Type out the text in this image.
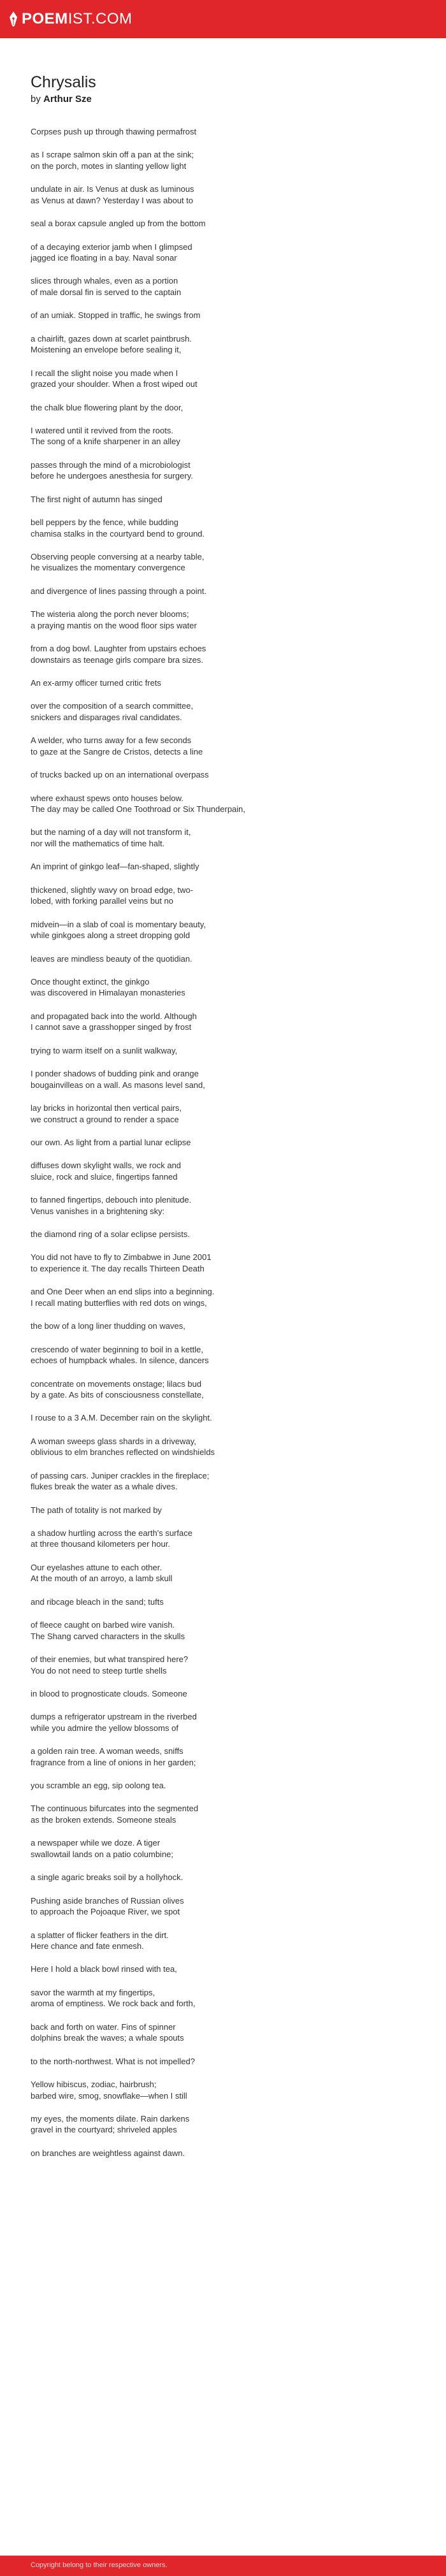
POEMIST.COM
Chrysalis
by Arthur Sze

Corpses push up through thawing permafrost

as I scrape salmon skin off a pan at the sink;
on the porch, motes in slanting yellow light

undulate in air. Is Venus at dusk as luminous
as Venus at dawn? Yesterday I was about to

seal a borax capsule angled up from the bottom

of a decaying exterior jamb when I glimpsed
jagged ice floating in a bay. Naval sonar

slices through whales, even as a portion
of male dorsal fin is served to the captain

of an umiak. Stopped in traffic, he swings from

a chairlift, gazes down at scarlet paintbrush.
Moistening an envelope before sealing it,

I recall the slight noise you made when I
grazed your shoulder. When a frost wiped out

the chalk blue flowering plant by the door,

I watered until it revived from the roots.
The song of a knife sharpener in an alley

passes through the mind of a microbiologist
before he undergoes anesthesia for surgery.

The first night of autumn has singed

bell peppers by the fence, while budding
chamisa stalks in the courtyard bend to ground.

Observing people conversing at a nearby table,
he visualizes the momentary convergence

and divergence of lines passing through a point.

The wisteria along the porch never blooms;
a praying mantis on the wood floor sips water

from a dog bowl. Laughter from upstairs echoes
downstairs as teenage girls compare bra sizes.

An ex-army officer turned critic frets

over the composition of a search committee,
snickers and disparages rival candidates.

A welder, who turns away for a few seconds
to gaze at the Sangre de Cristos, detects a line

of trucks backed up on an international overpass

where exhaust spews onto houses below.
The day may be called One Toothroad or Six Thunderpain,

but the naming of a day will not transform it,
nor will the mathematics of time halt.

An imprint of ginkgo leaf—fan-shaped, slightly

thickened, slightly wavy on broad edge, two-
lobed, with forking parallel veins but no

midvein—in a slab of coal is momentary beauty,
while ginkgoes along a street dropping gold

leaves are mindless beauty of the quotidian.

Once thought extinct, the ginkgo
was discovered in Himalayan monasteries

and propagated back into the world. Although
I cannot save a grasshopper singed by frost

trying to warm itself on a sunlit walkway,

I ponder shadows of budding pink and orange
bougainvilleas on a wall. As masons level sand,

lay bricks in horizontal then vertical pairs,
we construct a ground to render a space

our own. As light from a partial lunar eclipse

diffuses down skylight walls, we rock and
sluice, rock and sluice, fingertips fanned

to fanned fingertips, debouch into plenitude.
Venus vanishes in a brightening sky:

the diamond ring of a solar eclipse persists.

You did not have to fly to Zimbabwe in June 2001
to experience it. The day recalls Thirteen Death

and One Deer when an end slips into a beginning.
I recall mating butterflies with red dots on wings,

the bow of a long liner thudding on waves,

crescendo of water beginning to boil in a kettle,
echoes of humpback whales. In silence, dancers

concentrate on movements onstage; lilacs bud
by a gate. As bits of consciousness constellate,

I rouse to a 3 A.M. December rain on the skylight.

A woman sweeps glass shards in a driveway,
oblivious to elm branches reflected on windshields

of passing cars. Juniper crackles in the fireplace;
flukes break the water as a whale dives.

The path of totality is not marked by

a shadow hurtling across the earth's surface
at three thousand kilometers per hour.

Our eyelashes attune to each other.
At the mouth of an arroyo, a lamb skull

and ribcage bleach in the sand; tufts

of fleece caught on barbed wire vanish.
The Shang carved characters in the skulls

of their enemies, but what transpired here?
You do not need to steep turtle shells

in blood to prognosticate clouds. Someone

dumps a refrigerator upstream in the riverbed
while you admire the yellow blossoms of

a golden rain tree. A woman weeds, sniffs
fragrance from a line of onions in her garden;

you scramble an egg, sip oolong tea.

The continuous bifurcates into the segmented
as the broken extends. Someone steals

a newspaper while we doze. A tiger
swallowtail lands on a patio columbine;

a single agaric breaks soil by a hollyhock.

Pushing aside branches of Russian olives
to approach the Pojoaque River, we spot

a splatter of flicker feathers in the dirt.
Here chance and fate enmesh.

Here I hold a black bowl rinsed with tea,

savor the warmth at my fingertips,
aroma of emptiness. We rock back and forth,

back and forth on water. Fins of spinner
dolphins break the waves; a whale spouts

to the north-northwest. What is not impelled?

Yellow hibiscus, zodiac, hairbrush;
barbed wire, smog, snowflake—when I still

my eyes, the moments dilate. Rain darkens
gravel in the courtyard; shriveled apples

on branches are weightless against dawn.

Copyright belong to their respective owners.
